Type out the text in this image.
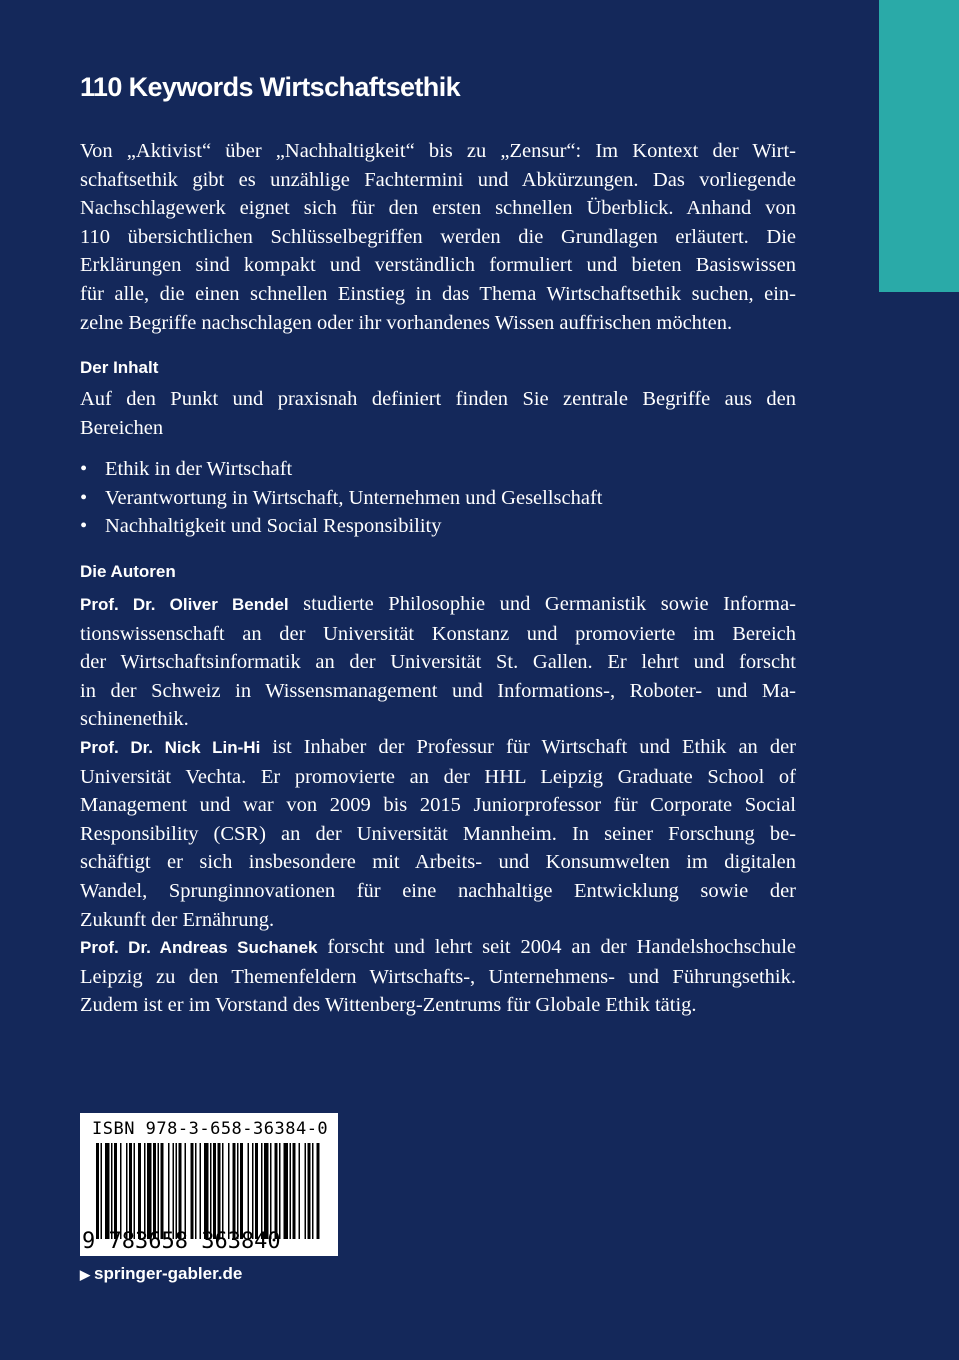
110 Keywords Wirtschaftsethik
Von „Aktivist“ über „Nachhaltigkeit“ bis zu „Zensur“: Im Kontext der Wirt-
schaftsethik gibt es unzählige Fachtermini und Abkürzungen. Das vorliegende
Nachschlagewerk eignet sich für den ersten schnellen Überblick. Anhand von
110 übersichtlichen Schlüsselbegriffen werden die Grundlagen erläutert. Die
Erklärungen sind kompakt und verständlich formuliert und bieten Basiswissen
für alle, die einen schnellen Einstieg in das Thema Wirtschaftsethik suchen, ein-
zelne Begriffe nachschlagen oder ihr vorhandenes Wissen auffrischen möchten.
Der Inhalt
Auf den Punkt und praxisnah definiert finden Sie zentrale Begriffe aus den
Bereichen
• Ethik in der Wirtschaft
• Verantwortung in Wirtschaft, Unternehmen und Gesellschaft
• Nachhaltigkeit und Social Responsibility
Die Autoren
Prof. Dr. Oliver Bendel studierte Philosophie und Germanistik sowie Informa-
tionswissenschaft an der Universität Konstanz und promovierte im Bereich
der Wirtschaftsinformatik an der Universität St. Gallen. Er lehrt und forscht
in der Schweiz in Wissensmanagement und Informations-, Roboter- und Ma-
schinenethik.
Prof. Dr. Nick Lin-Hi ist Inhaber der Professur für Wirtschaft und Ethik an der
Universität Vechta. Er promovierte an der HHL Leipzig Graduate School of
Management und war von 2009 bis 2015 Juniorprofessor für Corporate Social
Responsibility (CSR) an der Universität Mannheim. In seiner Forschung be-
schäftigt er sich insbesondere mit Arbeits- und Konsumwelten im digitalen
Wandel, Sprunginnovationen für eine nachhaltige Entwicklung sowie der
Zukunft der Ernährung.
Prof. Dr. Andreas Suchanek forscht und lehrt seit 2004 an der Handelshochschule
Leipzig zu den Themenfeldern Wirtschafts-, Unternehmens- und Führungsethik.
Zudem ist er im Vorstand des Wittenberg-Zentrums für Globale Ethik tätig.
ISBN 978-3-658-36384-0
9 783658 363840
▶ springer-gabler.de
